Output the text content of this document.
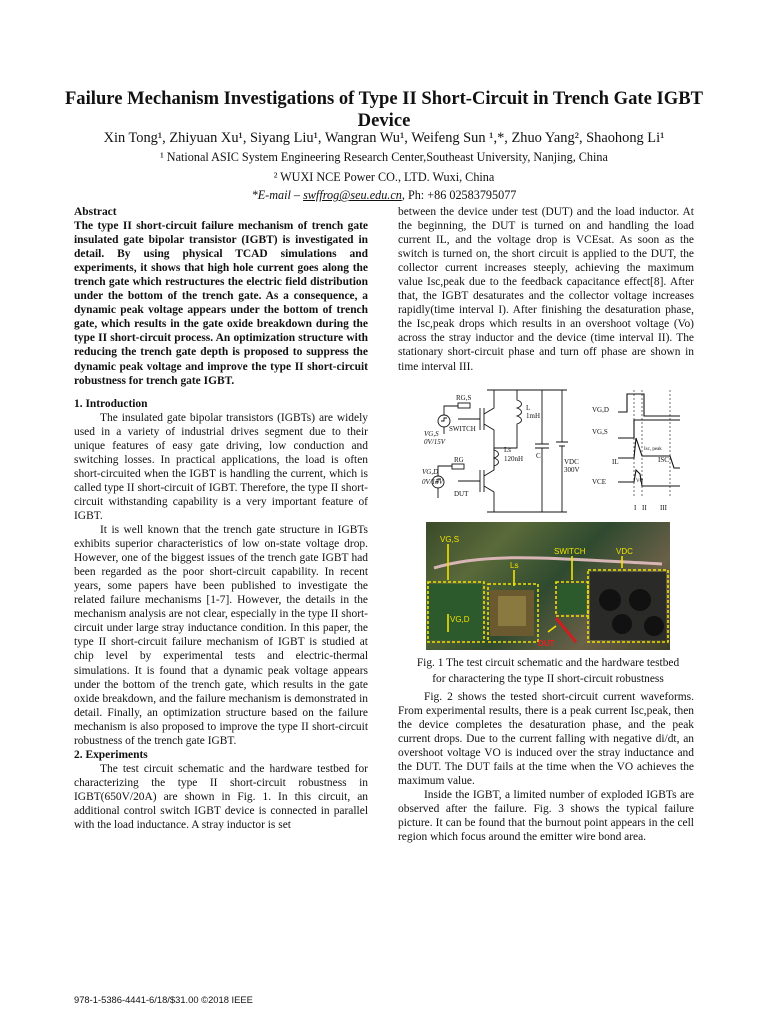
Failure Mechanism Investigations of Type II Short-Circuit in Trench Gate IGBT Device
Xin Tong¹, Zhiyuan Xu¹, Siyang Liu¹, Wangran Wu¹, Weifeng Sun ¹,*, Zhuo Yang², Shaohong Li¹
¹ National ASIC System Engineering Research Center,Southeast University, Nanjing, China
² WUXI NCE Power CO., LTD. Wuxi, China
*E-mail – swffrog@seu.edu.cn, Ph: +86 02583795077

Abstract

The type II short-circuit failure mechanism of trench gate insulated gate bipolar transistor (IGBT) is investigated in detail. By using physical TCAD simulations and experiments, it shows that high hole current goes along the trench gate which restructures the electric field distribution under the bottom of the trench gate. As a consequence, a dynamic peak voltage appears under the bottom of trench gate, which results in the gate oxide breakdown during the type II short-circuit process. An optimization structure with reducing the trench gate depth is proposed to suppress the dynamic peak voltage and improve the type II short-circuit robustness for trench gate IGBT.

1. Introduction

The insulated gate bipolar transistors (IGBTs) are widely used in a variety of industrial drives segment due to their unique features of easy gate driving, low conduction and switching losses. In practical applications, the load is often short-circuited when the IGBT is handling the current, which is called type II short-circuit of IGBT. Therefore, the type II short-circuit withstanding capability is a very important feature of IGBT.

It is well known that the trench gate structure in IGBTs exhibits superior characteristics of low on-state voltage drop. However, one of the biggest issues of the trench gate IGBT had been regarded as the poor short-circuit capability. In recent years, some papers have been published to investigate the related failure mechanisms [1-7]. However, the details in the mechanism analysis are not clear, especially in the type II short-circuit under large stray inductance condition. In this paper, the type II short-circuit failure mechanism of IGBT is studied at chip level by experimental tests and electric-thermal simulations. It is found that a dynamic peak voltage appears under the bottom of the trench gate, which results in the gate oxide breakdown, and the failure mechanism is demonstrated in detail. Finally, an optimization structure based on the failure mechanism is also proposed to improve the type II short-circuit robustness of the trench gate IGBT.

2. Experiments

The test circuit schematic and the hardware testbed for characterizing the type II short-circuit robustness in IGBT(650V/20A) are shown in Fig. 1. In this circuit, an additional control switch IGBT device is connected in parallel with the load inductance. A stray inductor is set

between the device under test (DUT) and the load inductor. At the beginning, the DUT is turned on and handling the load current IL, and the voltage drop is VCEsat. As soon as the switch is turned on, the short circuit is applied to the DUT, the collector current increases steeply, achieving the maximum value Isc,peak due to the feedback capacitance effect[8]. After that, the IGBT desaturates and the collector voltage increases rapidly(time interval I). After finishing the desaturation phase, the Isc,peak drops which results in an overshoot voltage (Vo) across the stray inductor and the device (time interval II). The stationary short-circuit phase and turn off phase are shown in time interval III.

RG,S
SWITCH
VG,S
0V/15V
L
1mH
Ls
120nH C
VDC
300V
RG
VG,D
0V/15V
DUT
VG,D
VG,S
IL	ISC
Isc, peak
VCE	VO
I II III
VG,S
Ls
SWITCH	VDC
VG,D
DUT
Fig. 1 The test circuit schematic and the hardware testbed
for charactering the type II short-circuit robustness

Fig. 2 shows the tested short-circuit current waveforms. From experimental results, there is a peak current Isc,peak, then the device completes the desaturation phase, and the peak current drops. Due to the current falling with negative di/dt, an overshoot voltage VO is induced over the stray inductance and the DUT. The DUT fails at the time when the VO achieves the maximum value.

Inside the IGBT, a limited number of exploded IGBTs are observed after the failure. Fig. 3 shows the typical failure picture. It can be found that the burnout point appears in the cell region which focus around the emitter wire bond area.

978-1-5386-4441-6/18/$31.00 ©2018 IEEE
